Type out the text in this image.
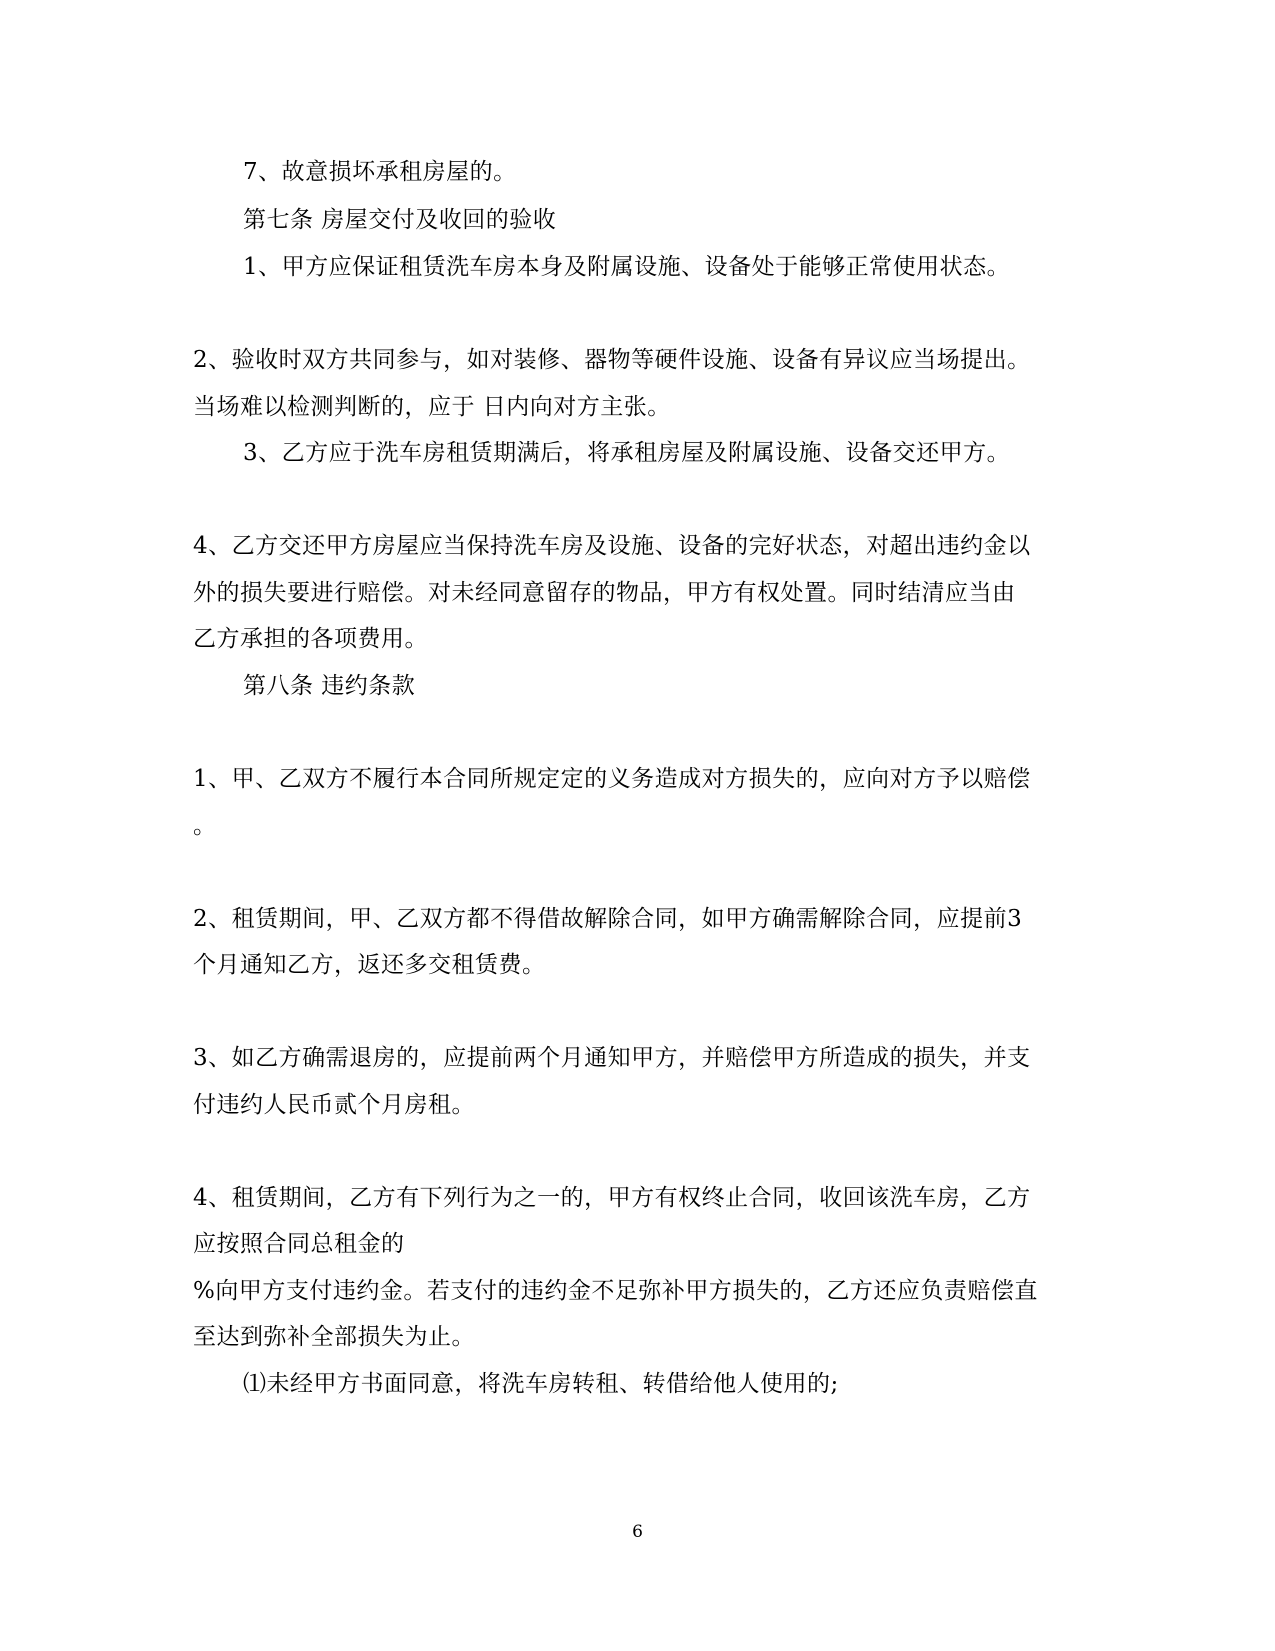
7、故意损坏承租房屋的。
第七条 房屋交付及收回的验收
1、甲方应保证租赁洗车房本身及附属设施、设备处于能够正常使用状态。
2、验收时双方共同参与，如对装修、器物等硬件设施、设备有异议应当场提出。
当场难以检测判断的，应于 日内向对方主张。
3、乙方应于洗车房租赁期满后，将承租房屋及附属设施、设备交还甲方。
4、乙方交还甲方房屋应当保持洗车房及设施、设备的完好状态，对超出违约金以
外的损失要进行赔偿。对未经同意留存的物品，甲方有权处置。同时结清应当由
乙方承担的各项费用。
第八条 违约条款
1、甲、乙双方不履行本合同所规定定的义务造成对方损失的，应向对方予以赔偿
。
2、租赁期间，甲、乙双方都不得借故解除合同，如甲方确需解除合同，应提前3
个月通知乙方，返还多交租赁费。
3、如乙方确需退房的，应提前两个月通知甲方，并赔偿甲方所造成的损失，并支
付违约人民币贰个月房租。
4、租赁期间，乙方有下列行为之一的，甲方有权终止合同，收回该洗车房，乙方
应按照合同总租金的
%向甲方支付违约金。若支付的违约金不足弥补甲方损失的，乙方还应负责赔偿直
至达到弥补全部损失为止。
⑴未经甲方书面同意，将洗车房转租、转借给他人使用的;
6
